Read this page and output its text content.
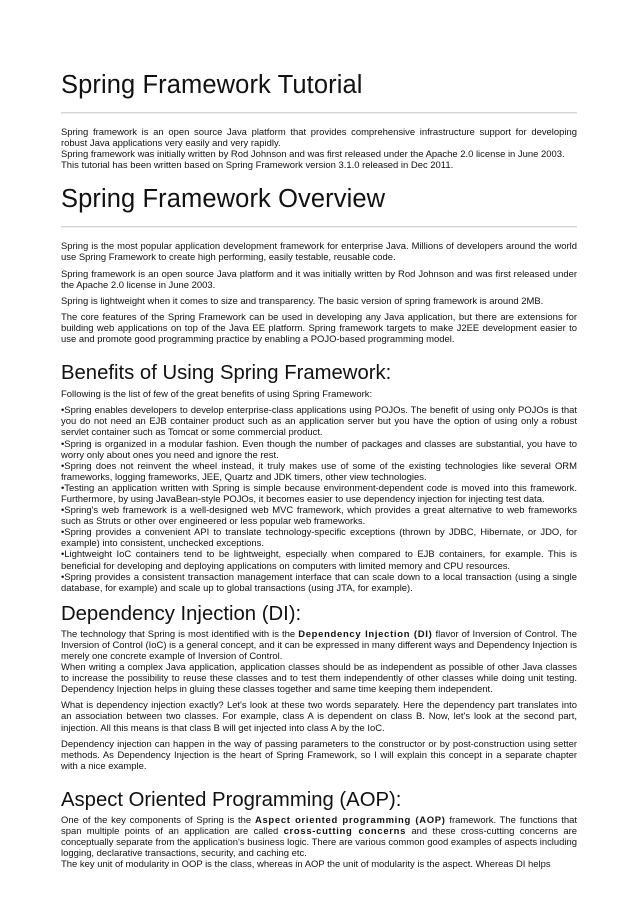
Spring Framework Tutorial

Spring framework is an open source Java platform that provides comprehensive infrastructure support for developing robust Java applications very easily and very rapidly.

Spring framework was initially written by Rod Johnson and was first released under the Apache 2.0 license in June 2003.

This tutorial has been written based on Spring Framework version 3.1.0 released in Dec 2011.

Spring Framework Overview

Spring is the most popular application development framework for enterprise Java. Millions of developers around the world use Spring Framework to create high performing, easily testable, reusable code.

Spring framework is an open source Java platform and it was initially written by Rod Johnson and was first released under the Apache 2.0 license in June 2003.

Spring is lightweight when it comes to size and transparency. The basic version of spring framework is around 2MB.

The core features of the Spring Framework can be used in developing any Java application, but there are extensions for building web applications on top of the Java EE platform. Spring framework targets to make J2EE development easier to use and promote good programming practice by enabling a POJO-based programming model.

Benefits of Using Spring Framework:

Following is the list of few of the great benefits of using Spring Framework:

•Spring enables developers to develop enterprise-class applications using POJOs. The benefit of using only POJOs is that you do not need an EJB container product such as an application server but you have the option of using only a robust servlet container such as Tomcat or some commercial product.

•Spring is organized in a modular fashion. Even though the number of packages and classes are substantial, you have to worry only about ones you need and ignore the rest.

•Spring does not reinvent the wheel instead, it truly makes use of some of the existing technologies like several ORM frameworks, logging frameworks, JEE, Quartz and JDK timers, other view technologies.

•Testing an application written with Spring is simple because environment-dependent code is moved into this framework. Furthermore, by using JavaBean-style POJOs, it becomes easier to use dependency injection for injecting test data.

•Spring's web framework is a well-designed web MVC framework, which provides a great alternative to web frameworks such as Struts or other over engineered or less popular web frameworks.

•Spring provides a convenient API to translate technology-specific exceptions (thrown by JDBC, Hibernate, or JDO, for example) into consistent, unchecked exceptions.

•Lightweight IoC containers tend to be lightweight, especially when compared to EJB containers, for example. This is beneficial for developing and deploying applications on computers with limited memory and CPU resources.

•Spring provides a consistent transaction management interface that can scale down to a local transaction (using a single database, for example) and scale up to global transactions (using JTA, for example).

Dependency Injection (DI):

The technology that Spring is most identified with is the Dependency Injection (DI) flavor of Inversion of Control. The Inversion of Control (IoC) is a general concept, and it can be expressed in many different ways and Dependency Injection is merely one concrete example of Inversion of Control.

When writing a complex Java application, application classes should be as independent as possible of other Java classes to increase the possibility to reuse these classes and to test them independently of other classes while doing unit testing. Dependency Injection helps in gluing these classes together and same time keeping them independent.

What is dependency injection exactly? Let's look at these two words separately. Here the dependency part translates into an association between two classes. For example, class A is dependent on class B. Now, let's look at the second part, injection. All this means is that class B will get injected into class A by the IoC.

Dependency injection can happen in the way of passing parameters to the constructor or by post-construction using setter methods. As Dependency Injection is the heart of Spring Framework, so I will explain this concept in a separate chapter with a nice example.

Aspect Oriented Programming (AOP):

One of the key components of Spring is the Aspect oriented programming (AOP) framework. The functions that span multiple points of an application are called cross-cutting concerns and these cross-cutting concerns are conceptually separate from the application's business logic. There are various common good examples of aspects including logging, declarative transactions, security, and caching etc.

The key unit of modularity in OOP is the class, whereas in AOP the unit of modularity is the aspect. Whereas DI helps
